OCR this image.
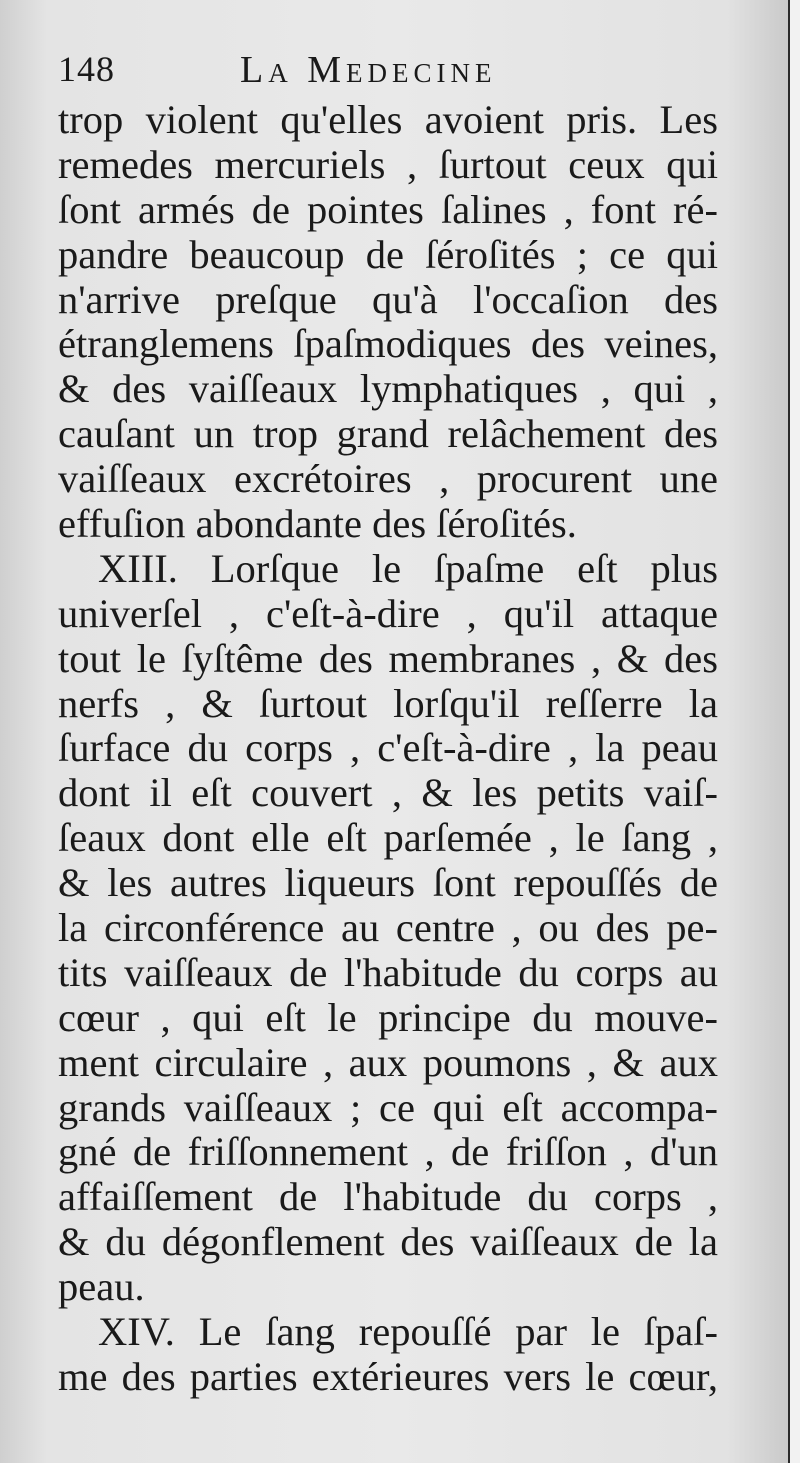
148	La Medecine
trop violent qu'elles avoient pris. Les
remedes mercuriels , ſurtout ceux qui
ſont armés de pointes ſalines , font ré-
pandre beaucoup de ſéroſités ; ce qui
n'arrive preſque qu'à l'occaſion des
étranglemens ſpaſmodiques des veines,
& des vaiſſeaux lymphatiques , qui ,
cauſant un trop grand relâchement des
vaiſſeaux excrétoires , procurent une
effuſion abondante des ſéroſités.
XIII. Lorſque le ſpaſme eſt plus
univerſel , c'eſt-à-dire , qu'il attaque
tout le ſyſtême des membranes , & des
nerfs , & ſurtout lorſqu'il reſſerre la
ſurface du corps , c'eſt-à-dire , la peau
dont il eſt couvert , & les petits vaiſ-
ſeaux dont elle eſt parſemée , le ſang ,
& les autres liqueurs ſont repouſſés de
la circonférence au centre , ou des pe-
tits vaiſſeaux de l'habitude du corps au
cœur , qui eſt le principe du mouve-
ment circulaire , aux poumons , & aux
grands vaiſſeaux ; ce qui eſt accompa-
gné de friſſonnement , de friſſon , d'un
affaiſſement de l'habitude du corps ,
& du dégonflement des vaiſſeaux de la
peau.
XIV. Le ſang repouſſé par le ſpaſ-
me des parties extérieures vers le cœur,
